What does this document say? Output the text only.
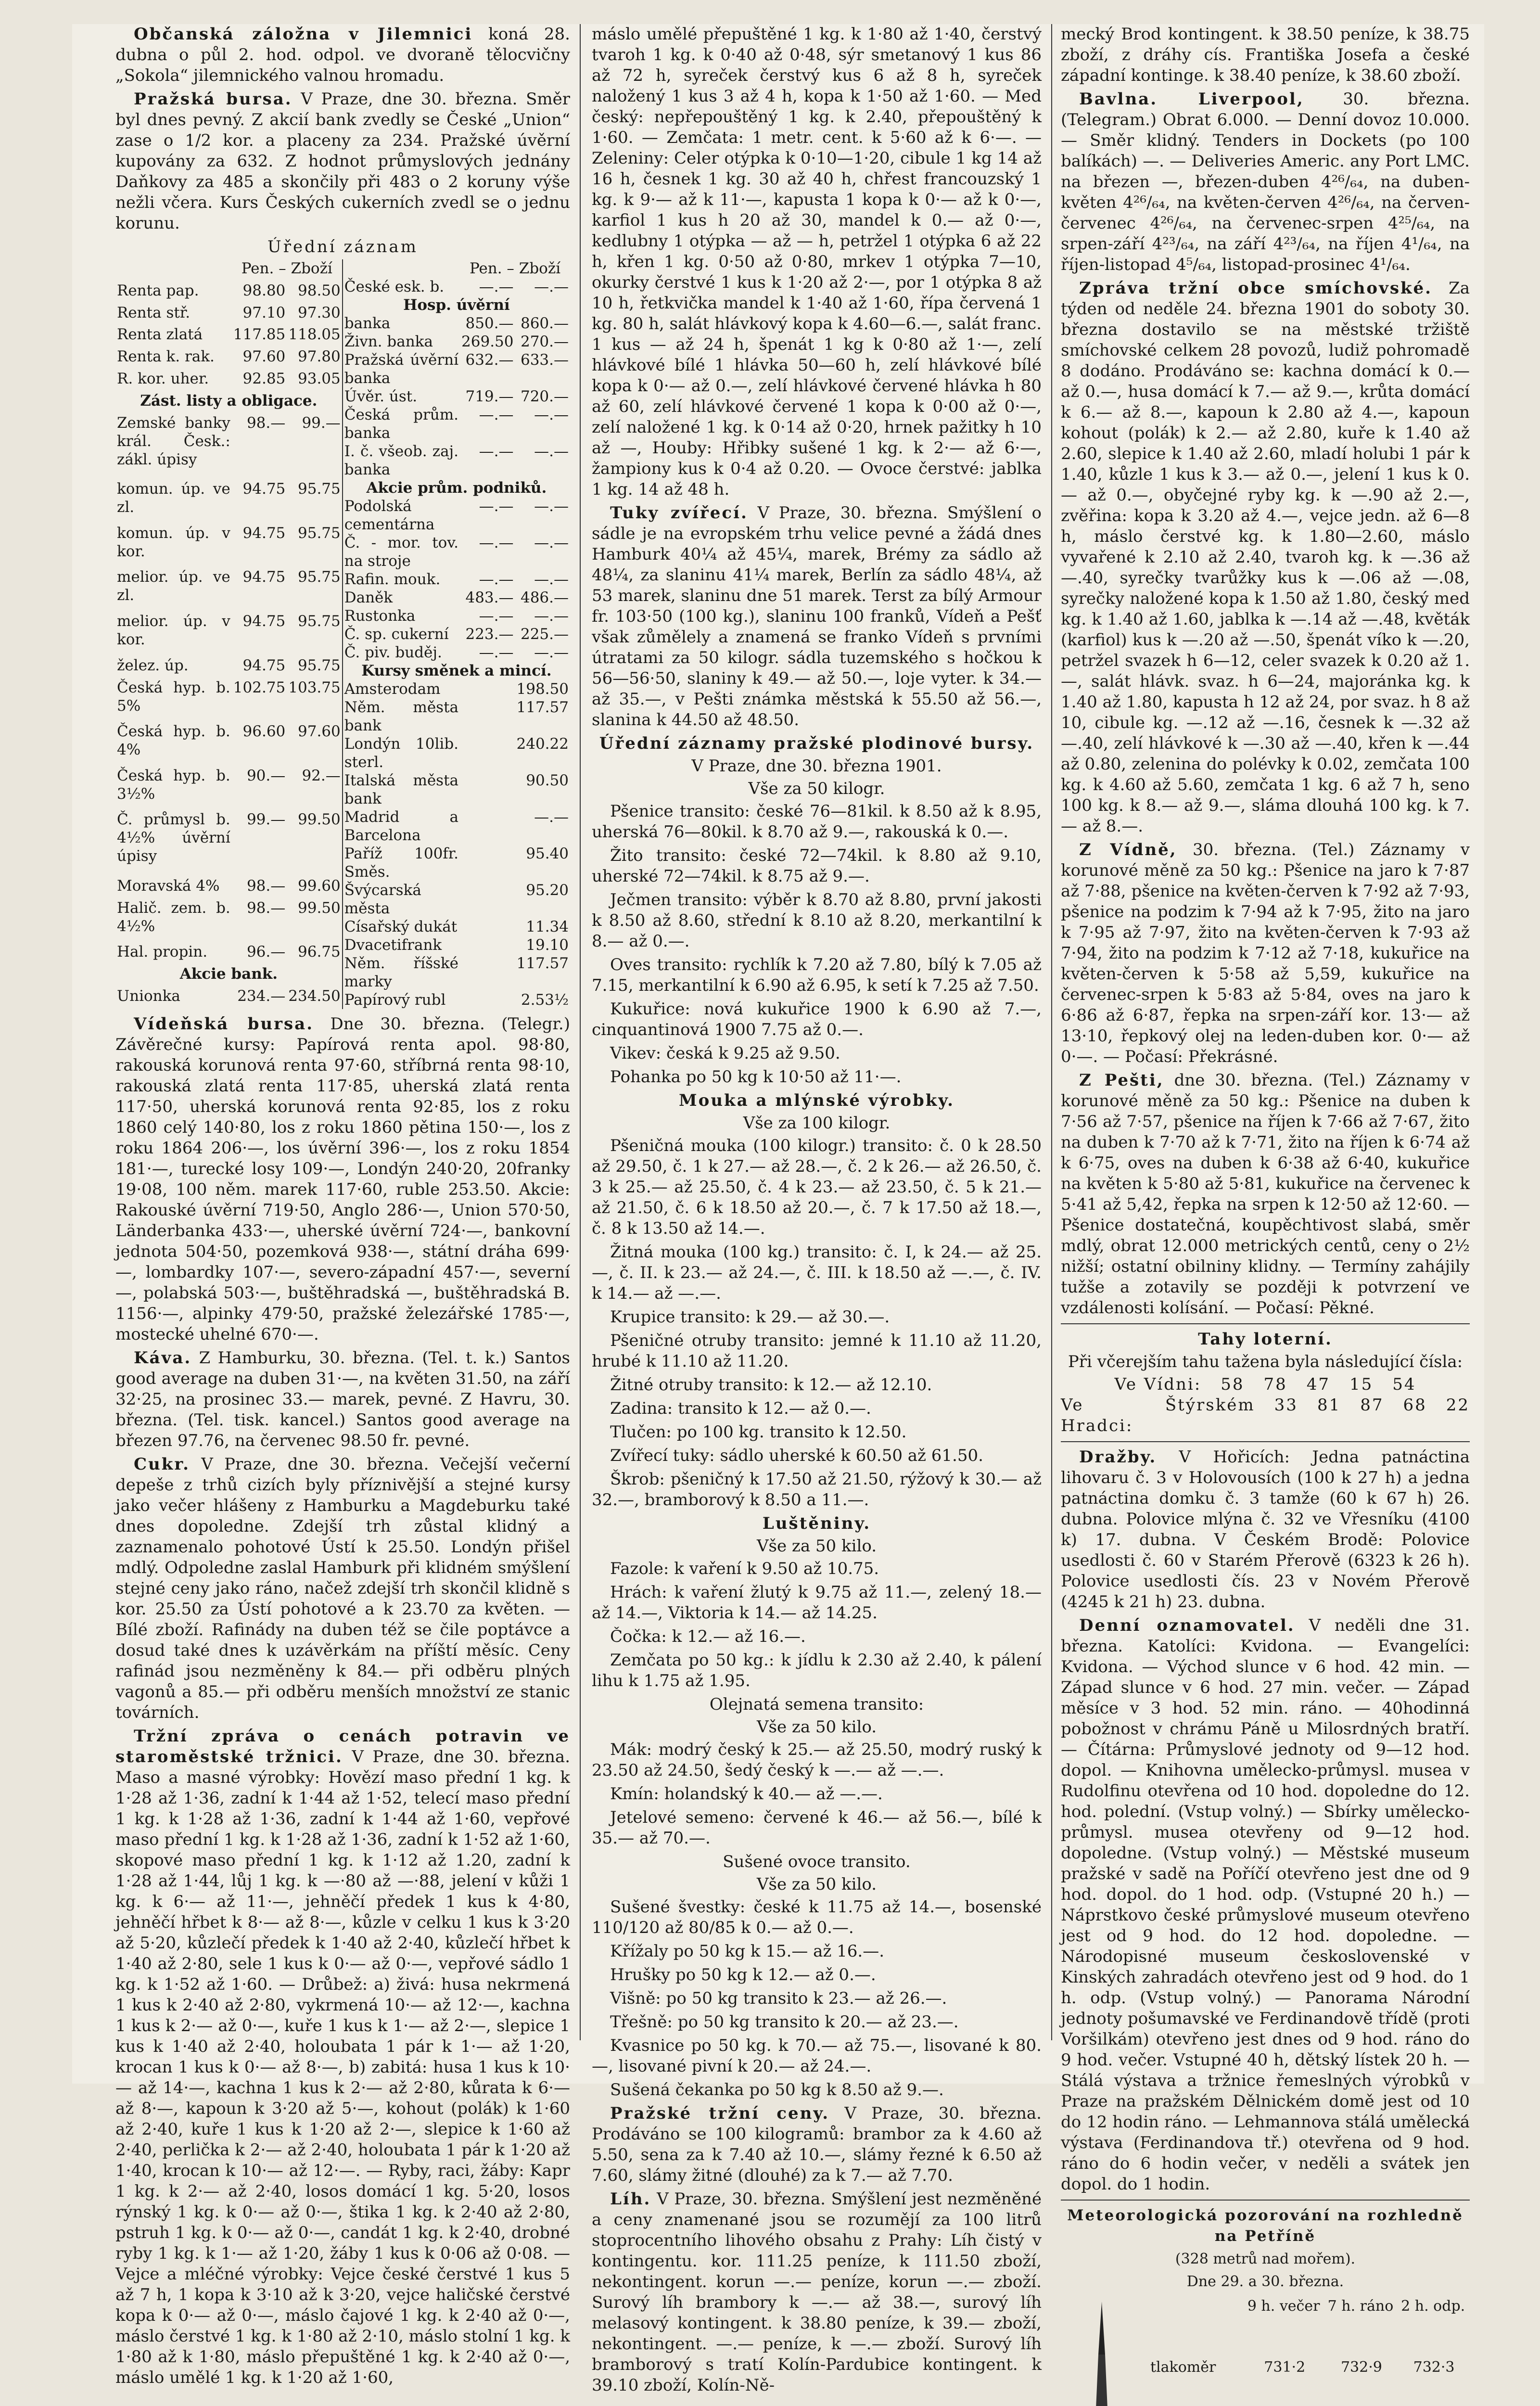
Občanská záložna v Jilemnici koná 28. dubna o půl 2. hod. odpol. ve dvoraně tělocvičny „Sokola“ jilemnického valnou hromadu.

Pražská bursa. V Praze, dne 30. března. Směr byl dnes pevný. Z akcií bank zvedly se České „Union“ zase o 1/2 kor. a placeny za 234. Pražské úvěrní kupovány za 632. Z hodnot průmyslových jednány Daňkovy za 485 a skončily při 483 o 2 koruny výše nežli včera. Kurs Českých cukerních zvedl se o jednu korunu.

Úřední záznam

	Pen. – Zboží	
Renta pap.	98.80	98.50
Renta stř.	97.10	97.30
Renta zlatá	117.85	118.05
Renta k. rak.	97.60	97.80
R. kor. uher.	92.85	93.05
Zást. listy a obligace.		
Zemské banky král. Česk.: zákl. úpisy	98.—	99.—
komun. úp. ve zl.	94.75	95.75
komun. úp. v kor.	94.75	95.75
melior. úp. ve zl.	94.75	95.75
melior. úp. v kor.	94.75	95.75
želez. úp.	94.75	95.75
Česká hyp. b. 5%	102.75	103.75
Česká hyp. b. 4%	96.60	97.60
Česká hyp. b. 3½%	90.—	92.—
Č. průmysl b. 4½% úvěrní úpisy	99.—	99.50
Moravská 4%	98.—	99.60
Halič. zem. b. 4½%	98.—	99.50
Hal. propin.	96.—	96.75
Akcie bank.		
Unionka	234.—	234.50
	Pen. – Zboží	
České esk. b.	—.—	—.—
Hosp. úvěrní		
banka	850.—	860.—
Živn. banka	269.50	270.—
Pražská úvěrní banka	632.—	633.—
Úvěr. úst.	719.—	720.—
Česká prům. banka	—.—	—.—
I. č. všeob. zaj. banka	—.—	—.—
Akcie prům. podniků.		
Podolská cementárna	—.—	—.—
Č. - mor. tov. na stroje	—.—	—.—
Rafin. mouk.	—.—	—.—
Daněk	483.—	486.—
Rustonka	—.—	—.—
Č. sp. cukerní	223.—	225.—
Č. piv. buděj.	—.—	—.—
Kursy směnek a mincí.		
Amsterodam		198.50
Něm. města bank		117.57
Londýn 10lib. sterl.		240.22
Italská města bank		90.50
Madrid a Barcelona		—.—
Paříž 100fr. Směs.		95.40
Švýcarská města		95.20
Císařský dukát		11.34
Dvacetifrank		19.10
Něm. říšské marky		117.57
Papírový rubl		2.53½

Vídeňská bursa. Dne 30. března. (Telegr.) Závěrečné kursy: Papírová renta apol. 98·80, rakouská korunová renta 97·60, stříbrná renta 98·10, rakouská zlatá renta 117·85, uherská zlatá renta 117·50, uherská korunová renta 92·85, los z roku 1860 celý 140·80, los z roku 1860 pětina 150·—, los z roku 1864 206·—, los úvěrní 396·—, los z roku 1854 181·—, turecké losy 109·—, Londýn 240·20, 20franky 19·08, 100 něm. marek 117·60, ruble 253.50. Akcie: Rakouské úvěrní 719·50, Anglo 286·—, Union 570·50, Länderbanka 433·—, uherské úvěrní 724·—, bankovní jednota 504·50, pozemková 938·—, státní dráha 699·—, lombardky 107·—, severo-západní 457·—, severní —, polabská 503·—, buštěhradská —, buštěhradská B. 1156·—, alpinky 479·50, pražské železářské 1785·—, mostecké uhelné 670·—.

Káva. Z Hamburku, 30. března. (Tel. t. k.) Santos good average na duben 31·—, na květen 31.50, na září 32·25, na prosinec 33.— marek, pevné. Z Havru, 30. března. (Tel. tisk. kancel.) Santos good average na březen 97.76, na červenec 98.50 fr. pevné.

Cukr. V Praze, dne 30. března. Večejší večerní depeše z trhů cizích byly příznivější a stejné kursy jako večer hlášeny z Hamburku a Magdeburku také dnes dopoledne. Zdejší trh zůstal klidný a zaznamenalo pohotové Ústí k 25.50. Londýn přišel mdlý. Odpoledne zaslal Hamburk při klidném smýšlení stejné ceny jako ráno, načež zdejší trh skončil klidně s kor. 25.50 za Ústí pohotové a k 23.70 za květen. — Bílé zboží. Rafinády na duben též se čile poptávce a dosud také dnes k uzávěrkám na příští měsíc. Ceny rafinád jsou nezměněny k 84.— při odběru plných vagonů a 85.— při odběru menších množství ze stanic továrních.

Tržní zpráva o cenách potravin ve staroměstské tržnici. V Praze, dne 30. března. Maso a masné výrobky: Hovězí maso přední 1 kg. k 1·28 až 1·36, zadní k 1·44 až 1·52, telecí maso přední 1 kg. k 1·28 až 1·36, zadní k 1·44 až 1·60, vepřové maso přední 1 kg. k 1·28 až 1·36, zadní k 1·52 až 1·60, skopové maso přední 1 kg. k 1·12 až 1.20, zadní k 1·28 až 1·44, lůj 1 kg. k —·80 až —·88, jelení v kůži 1 kg. k 6·— až 11·—, jehněčí předek 1 kus k 4·80, jehněčí hřbet k 8·— až 8·—, kůzle v celku 1 kus k 3·20 až 5·20, kůzlečí předek k 1·40 až 2·40, kůzlečí hřbet k 1·40 až 2·80, sele 1 kus k 0·— až 0·—, vepřové sádlo 1 kg. k 1·52 až 1·60. — Drůbež: a) živá: husa nekrmená 1 kus k 2·40 až 2·80, vykrmená 10·— až 12·—, kachna 1 kus k 2·— až 0·—, kuře 1 kus k 1·— až 2·—, slepice 1 kus k 1·40 až 2·40, holoubata 1 pár k 1·— až 1·20, krocan 1 kus k 0·— až 8·—, b) zabitá: husa 1 kus k 10·— až 14·—, kachna 1 kus k 2·— až 2·80, kůrata k 6·— až 8·—, kapoun k 3·20 až 5·—, kohout (polák) k 1·60 až 2·40, kuře 1 kus k 1·20 až 2·—, slepice k 1·60 až 2·40, perlička k 2·— až 2·40, holoubata 1 pár k 1·20 až 1·40, krocan k 10·— až 12·—. — Ryby, raci, žáby: Kapr 1 kg. k 2·— až 2·40, losos domácí 1 kg. 5·20, losos rýnský 1 kg. k 0·— až 0·—, štika 1 kg. k 2·40 až 2·80, pstruh 1 kg. k 0·— až 0·—, candát 1 kg. k 2·40, drobné ryby 1 kg. k 1·— až 1·20, žáby 1 kus k 0·06 až 0·08. — Vejce a mléčné výrobky: Vejce české čerstvé 1 kus 5 až 7 h, 1 kopa k 3·10 až k 3·20, vejce haličské čerstvé kopa k 0·— až 0·—, máslo čajové 1 kg. k 2·40 až 0·—, máslo čerstvé 1 kg. k 1·80 až 2·10, máslo stolní 1 kg. k 1·80 až k 1·80, máslo přepuštěné 1 kg. k 2·40 až 0·—, máslo umělé 1 kg. k 1·20 až 1·60,

máslo umělé přepuštěné 1 kg. k 1·80 až 1·40, čerstvý tvaroh 1 kg. k 0·40 až 0·48, sýr smetanový 1 kus 86 až 72 h, syreček čerstvý kus 6 až 8 h, syreček naložený 1 kus 3 až 4 h, kopa k 1·50 až 1·60. — Med český: nepřepouštěný 1 kg. k 2.40, přepouštěný k 1·60. — Zemčata: 1 metr. cent. k 5·60 až k 6·—. — Zeleniny: Celer otýpka k 0·10—1·20, cibule 1 kg 14 až 16 h, česnek 1 kg. 30 až 40 h, chřest francouzský 1 kg. k 9·— až k 11·—, kapusta 1 kopa k 0·— až k 0·—, karfiol 1 kus h 20 až 30, mandel k 0.— až 0·—, kedlubny 1 otýpka — až — h, petržel 1 otýpka 6 až 22 h, křen 1 kg. 0·50 až 0·80, mrkev 1 otýpka 7—10, okurky čerstvé 1 kus k 1·20 až 2·—, por 1 otýpka 8 až 10 h, řetkvička mandel k 1·40 až 1·60, řípa červená 1 kg. 80 h, salát hlávkový kopa k 4.60—6.—, salát franc. 1 kus — až 24 h, špenát 1 kg k 0·80 až 1·—, zelí hlávkové bílé 1 hlávka 50—60 h, zelí hlávkové bílé kopa k 0·— až 0.—, zelí hlávkové červené hlávka h 80 až 60, zelí hlávkové červené 1 kopa k 0·00 až 0·—, zelí naložené 1 kg. k 0·14 až 0·20, hrnek pažitky h 10 až —, Houby: Hřibky sušené 1 kg. k 2·— až 6·—, žampiony kus k 0·4 až 0.20. — Ovoce čerstvé: jablka 1 kg. 14 až 48 h.

Tuky zvířecí. V Praze, 30. března. Smýšlení o sádle je na evropském trhu velice pevné a žádá dnes Hamburk 40¼ až 45¼, marek, Brémy za sádlo až 48¼, za slaninu 41¼ marek, Berlín za sádlo 48¼, až 53 marek, slaninu dne 51 marek. Terst za bílý Armour fr. 103·50 (100 kg.), slaninu 100 franků, Vídeň a Pešť však zůmělely a znamená se franko Vídeň s prvními útratami za 50 kilogr. sádla tuzemského s hočkou k 56—56·50, slaniny k 49.— až 50.—, loje vyter. k 34.— až 35.—, v Pešti známka městská k 55.50 až 56.—, slanina k 44.50 až 48.50.

Úřední záznamy pražské plodinové bursy.

V Praze, dne 30. března 1901.

Vše za 50 kilogr.

Pšenice transito: české 76—81kil. k 8.50 až k 8.95, uherská 76—80kil. k 8.70 až 9.—, rakouská k 0.—.

Žito transito: české 72—74kil. k 8.80 až 9.10, uherské 72—74kil. k 8.75 až 9.—.

Ječmen transito: výběr k 8.70 až 8.80, první jakosti k 8.50 až 8.60, střední k 8.10 až 8.20, merkantilní k 8.— až 0.—.

Oves transito: rychlík k 7.20 až 7.80, bílý k 7.05 až 7.15, merkantilní k 6.90 až 6.95, k setí k 7.25 až 7.50.

Kukuřice: nová kukuřice 1900 k 6.90 až 7.—, cinquantinová 1900 7.75 až 0.—.

Vikev: česká k 9.25 až 9.50.

Pohanka po 50 kg k 10·50 až 11·—.

Mouka a mlýnské výrobky.

Vše za 100 kilogr.

Pšeničná mouka (100 kilogr.) transito: č. 0 k 28.50 až 29.50, č. 1 k 27.— až 28.—, č. 2 k 26.— až 26.50, č. 3 k 25.— až 25.50, č. 4 k 23.— až 23.50, č. 5 k 21.— až 21.50, č. 6 k 18.50 až 20.—, č. 7 k 17.50 až 18.—, č. 8 k 13.50 až 14.—.

Žitná mouka (100 kg.) transito: č. I, k 24.— až 25.—, č. II. k 23.— až 24.—, č. III. k 18.50 až —.—, č. IV. k 14.— až —.—.

Krupice transito: k 29.— až 30.—.

Pšeničné otruby transito: jemné k 11.10 až 11.20, hrubé k 11.10 až 11.20.

Žitné otruby transito: k 12.— až 12.10.

Zadina: transito k 12.— až 0.—.

Tlučen: po 100 kg. transito k 12.50.

Zvířecí tuky: sádlo uherské k 60.50 až 61.50.

Škrob: pšeničný k 17.50 až 21.50, rýžový k 30.— až 32.—, bramborový k 8.50 a 11.—.

Luštěniny.

Vše za 50 kilo.

Fazole: k vaření k 9.50 až 10.75.

Hrách: k vaření žlutý k 9.75 až 11.—, zelený 18.— až 14.—, Viktoria k 14.— až 14.25.

Čočka: k 12.— až 16.—.

Zemčata po 50 kg.: k jídlu k 2.30 až 2.40, k pálení lihu k 1.75 až 1.95.

Olejnatá semena transito:

Vše za 50 kilo.

Mák: modrý český k 25.— až 25.50, modrý ruský k 23.50 až 24.50, šedý český k —.— až —.—.

Kmín: holandský k 40.— až —.—.

Jetelové semeno: červené k 46.— až 56.—, bílé k 35.— až 70.—.

Sušené ovoce transito.

Vše za 50 kilo.

Sušené švestky: české k 11.75 až 14.—, bosenské 110/120 až 80/85 k 0.— až 0.—.

Křížaly po 50 kg k 15.— až 16.—.

Hrušky po 50 kg k 12.— až 0.—.

Višně: po 50 kg transito k 23.— až 26.—.

Třešně: po 50 kg transito k 20.— až 23.—.

Kvasnice po 50 kg. k 70.— až 75.—, lisované k 80.—, lisované pivní k 20.— až 24.—.

Sušená čekanka po 50 kg k 8.50 až 9.—.

Pražské tržní ceny. V Praze, 30. března. Prodáváno se 100 kilogramů: brambor za k 4.60 až 5.50, sena za k 7.40 až 10.—, slámy řezné k 6.50 až 7.60, slámy žitné (dlouhé) za k 7.— až 7.70.

Líh. V Praze, 30. března. Smýšlení jest nezměněné a ceny znamenané jsou se rozumějí za 100 litrů stoprocentního lihového obsahu z Prahy: Líh čistý v kontingentu. kor. 111.25 peníze, k 111.50 zboží, nekontingent. korun —.— peníze, korun —.— zboží. Surový líh brambory k —.— až 38.—, surový líh melasový kontingent. k 38.80 peníze, k 39.— zboží, nekontingent. —.— peníze, k —.— zboží. Surový líh bramborový s tratí Kolín-Pardubice kontingent. k 39.10 zboží, Kolín-Ně-

mecký Brod kontingent. k 38.50 peníze, k 38.75 zboží, z dráhy cís. Františka Josefa a české západní kontinge. k 38.40 peníze, k 38.60 zboží.

Bavlna. Liverpool, 30. března. (Telegram.) Obrat 6.000. — Denní dovoz 10.000. — Směr klidný. Tenders in Dockets (po 100 balíkách) —. — Deliveries Americ. any Port LMC. na březen —, březen-duben 4²⁶/₆₄, na duben-květen 4²⁶/₆₄, na květen-červen 4²⁶/₆₄, na červen-červenec 4²⁶/₆₄, na červenec-srpen 4²⁵/₆₄, na srpen-září 4²³/₆₄, na září 4²³/₆₄, na říjen 4¹/₆₄, na říjen-listopad 4⁵/₆₄, listopad-prosinec 4¹/₆₄.

Zpráva tržní obce smíchovské. Za týden od neděle 24. března 1901 do soboty 30. března dostavilo se na městské tržiště smíchovské celkem 28 povozů, ludiž pohromadě 8 dodáno. Prodáváno se: kachna domácí k 0.— až 0.—, husa domácí k 7.— až 9.—, krůta domácí k 6.— až 8.—, kapoun k 2.80 až 4.—, kapoun kohout (polák) k 2.— až 2.80, kuře k 1.40 až 2.60, slepice k 1.40 až 2.60, mladí holubi 1 pár k 1.40, kůzle 1 kus k 3.— až 0.—, jelení 1 kus k 0.— až 0.—, obyčejné ryby kg. k —.90 až 2.—, zvěřina: kopa k 3.20 až 4.—, vejce jedn. až 6—8 h, máslo čerstvé kg. k 1.80—2.60, máslo vyvařené k 2.10 až 2.40, tvaroh kg. k —.36 až —.40, syrečky tvarůžky kus k —.06 až —.08, syrečky naložené kopa k 1.50 až 1.80, český med kg. k 1.40 až 1.60, jablka k —.14 až —.48, květák (karfiol) kus k —.20 až —.50, špenát víko k —.20, petržel svazek h 6—12, celer svazek k 0.20 až 1.—, salát hlávk. svaz. h 6—24, majoránka kg. k 1.40 až 1.80, kapusta h 12 až 24, por svaz. h 8 až 10, cibule kg. —.12 až —.16, česnek k —.32 až —.40, zelí hlávkové k —.30 až —.40, křen k —.44 až 0.80, zelenina do polévky k 0.02, zemčata 100 kg. k 4.60 až 5.60, zemčata 1 kg. 6 až 7 h, seno 100 kg. k 8.— až 9.—, sláma dlouhá 100 kg. k 7.— až 8.—.

Z Vídně, 30. března. (Tel.) Záznamy v korunové měně za 50 kg.: Pšenice na jaro k 7·87 až 7·88, pšenice na květen-červen k 7·92 až 7·93, pšenice na podzim k 7·94 až k 7·95, žito na jaro k 7·95 až 7·97, žito na květen-červen k 7·93 až 7·94, žito na podzim k 7·12 až 7·18, kukuřice na květen-červen k 5·58 až 5,59, kukuřice na červenec-srpen k 5·83 až 5·84, oves na jaro k 6·86 až 6·87, řepka na srpen-září kor. 13·— až 13·10, řepkový olej na leden-duben kor. 0·— až 0·—. — Počasí: Překrásné.

Z Pešti, dne 30. března. (Tel.) Záznamy v korunové měně za 50 kg.: Pšenice na duben k 7·56 až 7·57, pšenice na říjen k 7·66 až 7·67, žito na duben k 7·70 až k 7·71, žito na říjen k 6·74 až k 6·75, oves na duben k 6·38 až 6·40, kukuřice na květen k 5·80 až 5·81, kukuřice na červenec k 5·41 až 5,42, řepka na srpen k 12·50 až 12·60. — Pšenice dostatečná, koupěchtivost slabá, směr mdlý, obrat 12.000 metrických centů, ceny o 2½ nižší; ostatní obilniny klidny. — Termíny zahájily tužše a zotavily se později k potvrzení ve vzdálenosti kolísání. — Počasí: Pěkné.

Tahy loterní.

Při včerejším tahu tažena byla následující čísla:

Ve Vídni: 58 78 47 15 54
Ve Štýrském Hradci:
33 81 87 68 22

Dražby. V Hořicích: Jedna patnáctina lihovaru č. 3 v Holovousích (100 k 27 h) a jedna patnáctina domku č. 3 tamže (60 k 67 h) 26. dubna. Polovice mlýna č. 32 ve Vřesníku (4100 k) 17. dubna. V Českém Brodě: Polovice usedlosti č. 60 v Starém Přerově (6323 k 26 h). Polovice usedlosti čís. 23 v Novém Přerově (4245 k 21 h) 23. dubna.

Denní oznamovatel. V neděli dne 31. března. Katolíci: Kvidona. — Evangelíci: Kvidona. — Východ slunce v 6 hod. 42 min. — Západ slunce v 6 hod. 27 min. večer. — Západ měsíce v 3 hod. 52 min. ráno. — 40hodinná pobožnost v chrámu Páně u Milosrdných bratří. — Čítárna: Průmyslové jednoty od 9—12 hod. dopol. — Knihovna umělecko-průmysl. musea v Rudolfinu otevřena od 10 hod. dopoledne do 12. hod. polední. (Vstup volný.) — Sbírky umělecko-průmysl. musea otevřeny od 9—12 hod. dopoledne. (Vstup volný.) — Městské museum pražské v sadě na Poříčí otevřeno jest dne od 9 hod. dopol. do 1 hod. odp. (Vstupné 20 h.) — Náprstkovo české průmyslové museum otevřeno jest od 9 hod. do 12 hod. dopoledne. — Národopisné museum československé v Kinských zahradách otevřeno jest od 9 hod. do 1 h. odp. (Vstup volný.) — Panorama Národní jednoty pošumavské ve Ferdinandově třídě (proti Voršilkám) otevřeno jest dnes od 9 hod. ráno do 9 hod. večer. Vstupné 40 h, dětský lístek 20 h. — Stálá výstava a tržnice řemeslných výrobků v Praze na pražském Dělnickém domě jest od 10 do 12 hodin ráno. — Lehmannova stálá umělecká výstava (Ferdinandova tř.) otevřena od 9 hod. ráno do 6 hodin večer, v neděli a svátek jen dopol. do 1 hodin.

Meteorologická pozorování na rozhledně na Petříně

(328 metrů nad mořem).

Dne 29. a 30. března.

	9 h. večer	7 h. ráno	2 h. odp.
tlakoměr	731·2	732·9	732·3
